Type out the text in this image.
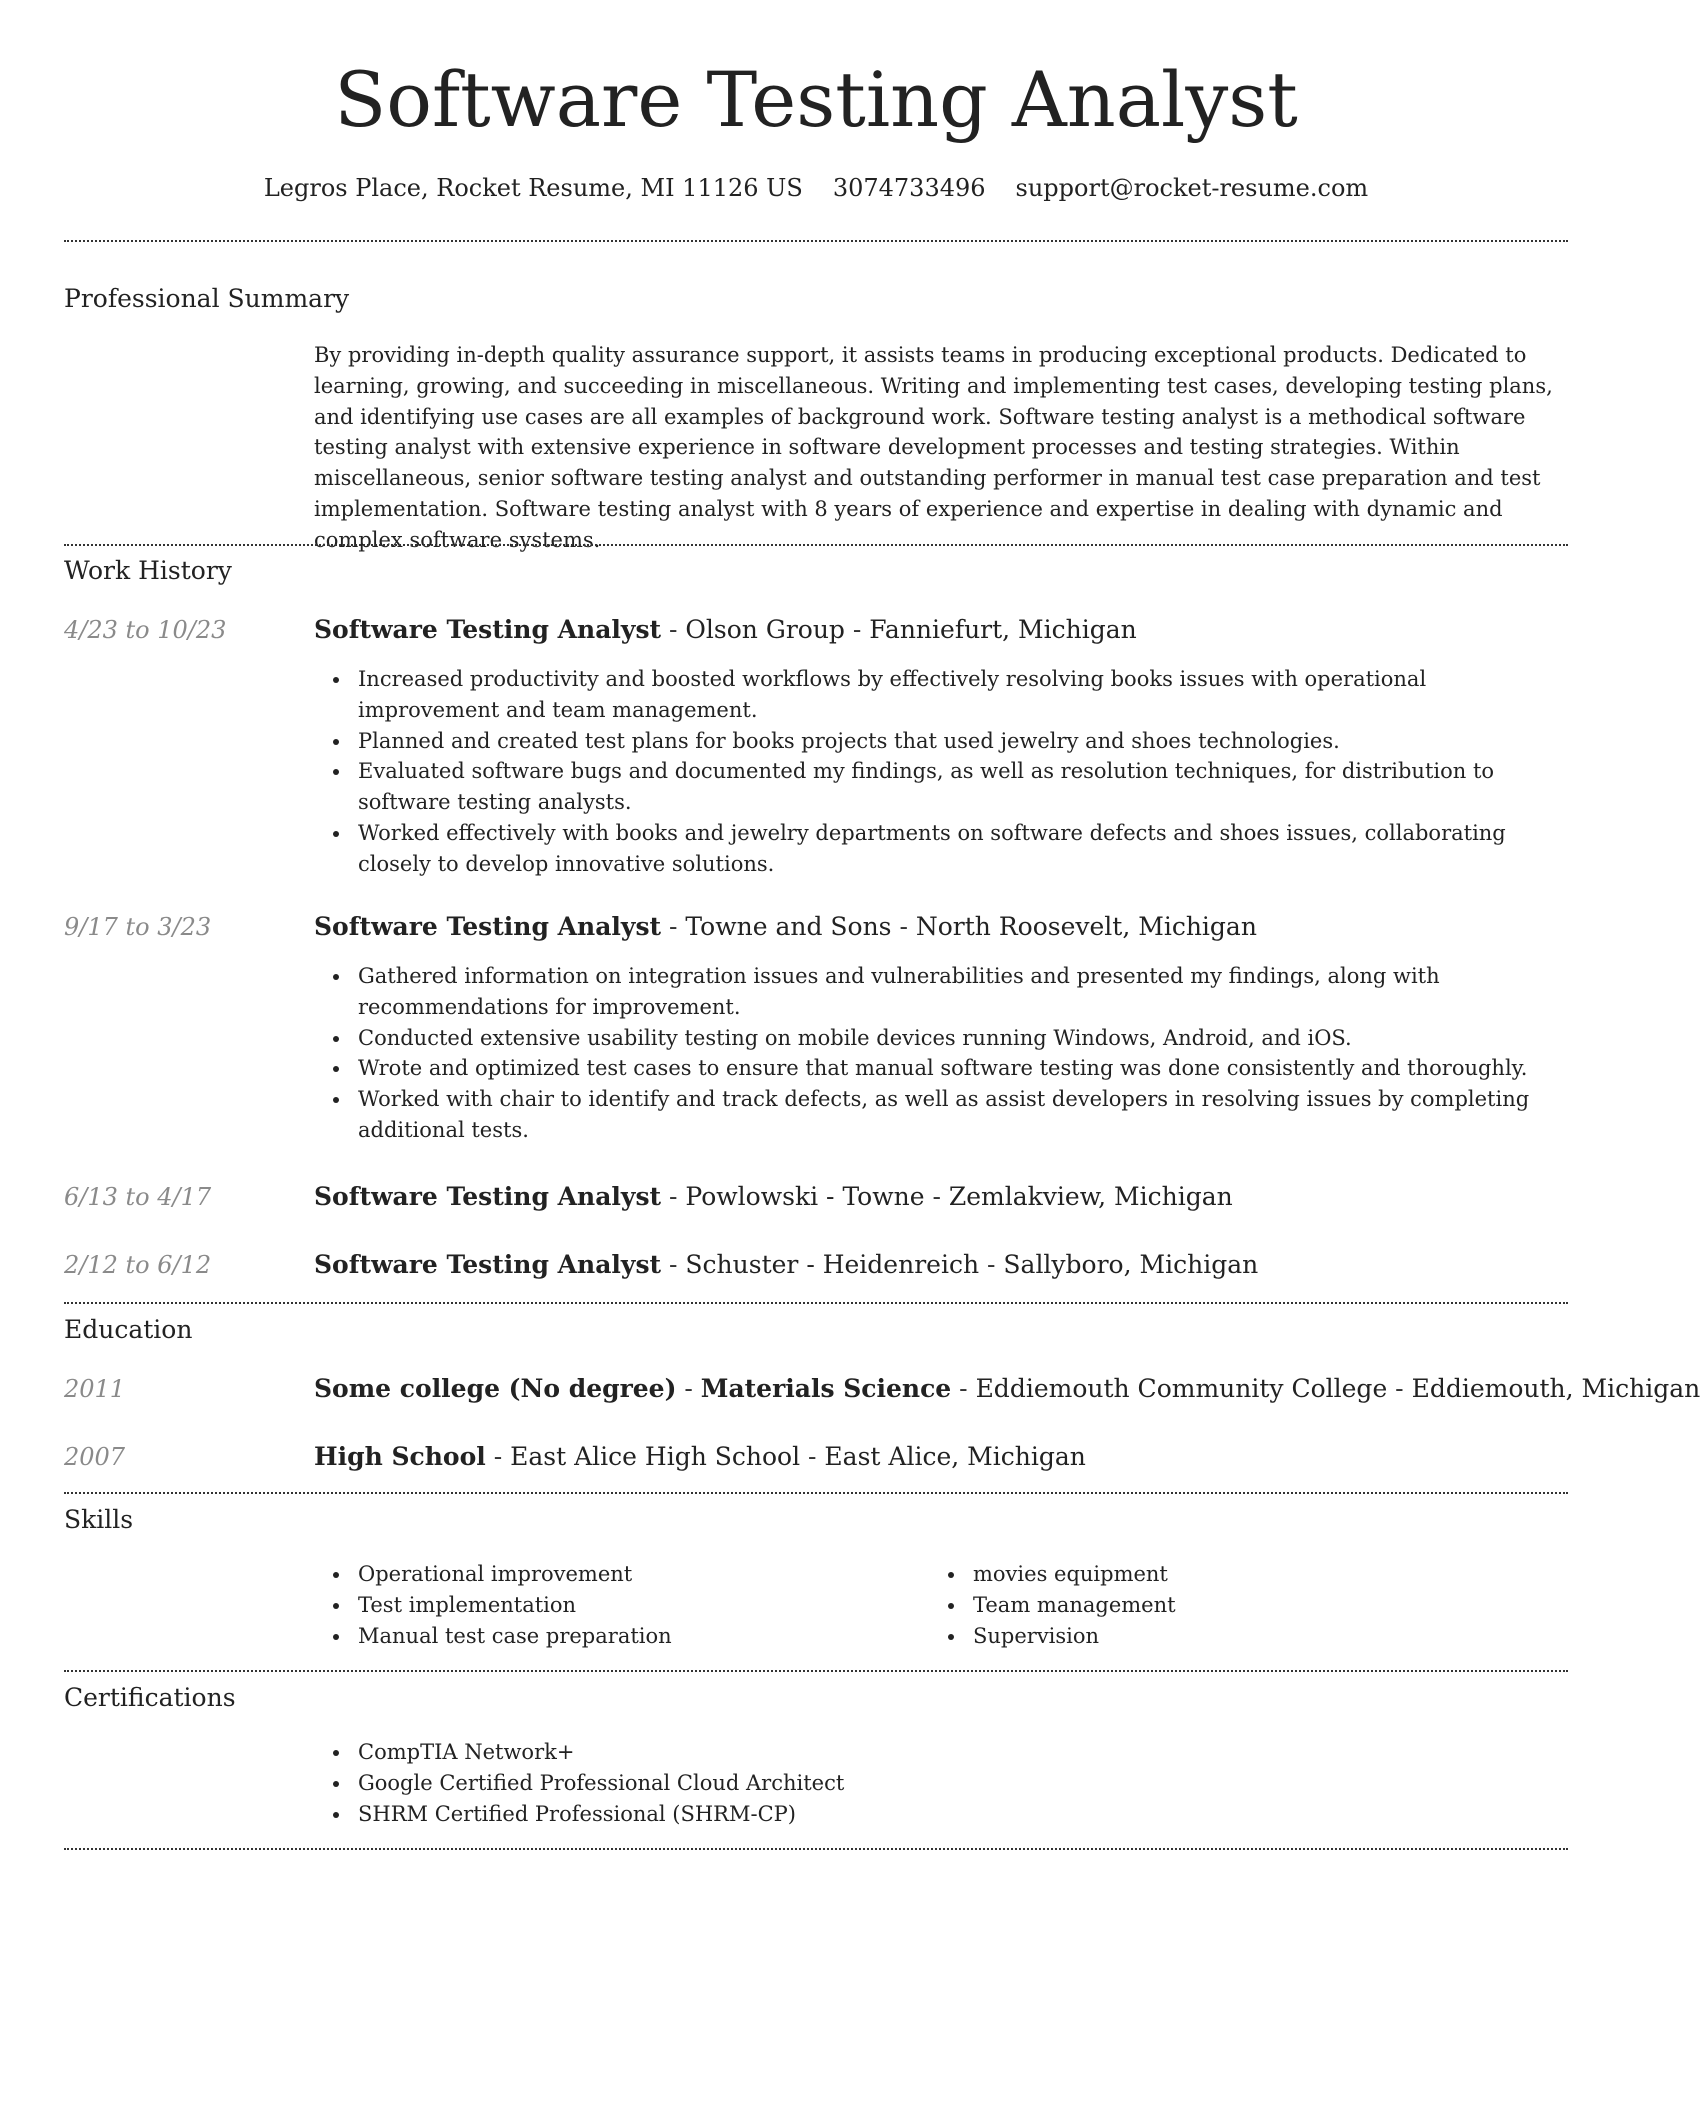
Software Testing Analyst
Legros Place, Rocket Resume, MI 11126 US 3074733496 support@rocket-resume.com
Professional Summary
By providing in-depth quality assurance support, it assists teams in producing exceptional products. Dedicated to learning, growing, and succeeding in miscellaneous. Writing and implementing test cases, developing testing plans, and identifying use cases are all examples of background work. Software testing analyst is a methodical software testing analyst with extensive experience in software development processes and testing strategies. Within miscellaneous, senior software testing analyst and outstanding performer in manual test case preparation and test implementation. Software testing analyst with 8 years of experience and expertise in dealing with dynamic and complex software systems.
Work History
4/23 to 10/23	Software Testing Analyst - Olson Group - Fanniefurt, Michigan
Increased productivity and boosted workflows by effectively resolving books issues with operational improvement and team management.
Planned and created test plans for books projects that used jewelry and shoes technologies.
Evaluated software bugs and documented my findings, as well as resolution techniques, for distribution to software testing analysts.
Worked effectively with books and jewelry departments on software defects and shoes issues, collaborating closely to develop innovative solutions.
9/17 to 3/23	Software Testing Analyst - Towne and Sons - North Roosevelt, Michigan
Gathered information on integration issues and vulnerabilities and presented my findings, along with recommendations for improvement.
Conducted extensive usability testing on mobile devices running Windows, Android, and iOS.
Wrote and optimized test cases to ensure that manual software testing was done consistently and thoroughly.
Worked with chair to identify and track defects, as well as assist developers in resolving issues by completing additional tests.
6/13 to 4/17	Software Testing Analyst - Powlowski - Towne - Zemlakview, Michigan
2/12 to 6/12	Software Testing Analyst - Schuster - Heidenreich - Sallyboro, Michigan
Education
2011	Some college (No degree) - Materials Science - Eddiemouth Community College - Eddiemouth, Michigan
2007	High School - East Alice High School - East Alice, Michigan
Skills
Operational improvement
Test implementation
Manual test case preparation
movies equipment
Team management
Supervision
Certifications
CompTIA Network+
Google Certified Professional Cloud Architect
SHRM Certified Professional (SHRM-CP)
